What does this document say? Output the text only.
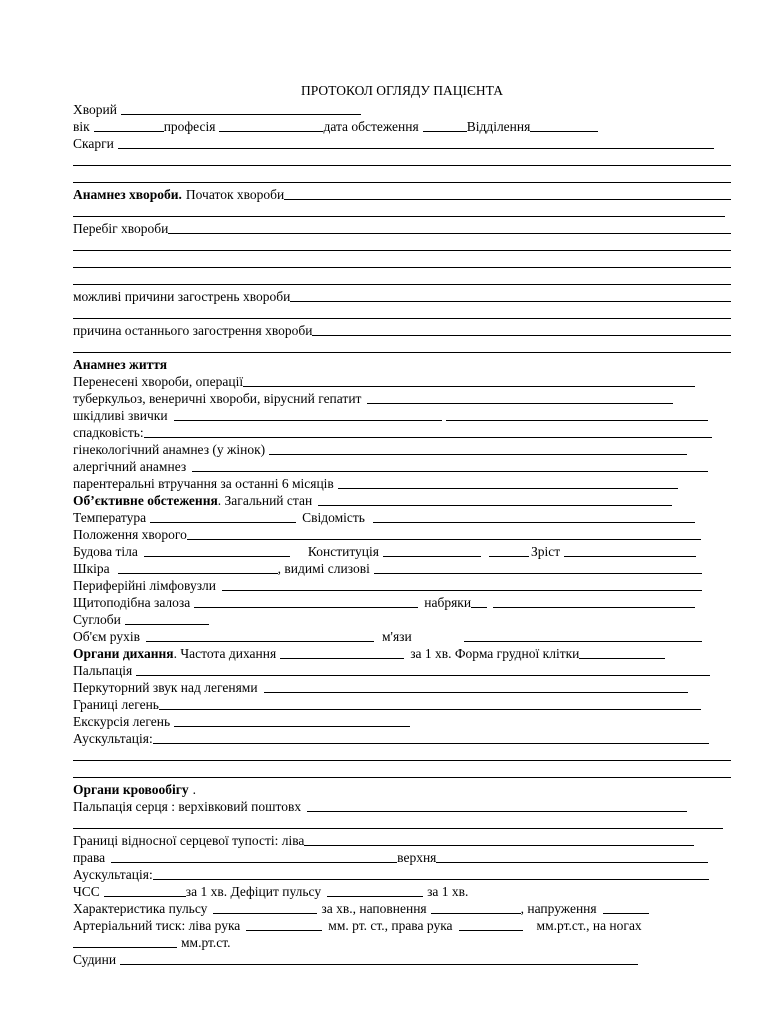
ПРОТОКОЛ ОГЛЯДУ ПАЦІЄНТА
Хворий
вік	професія	дата обстеження	Відділення
Скарги
Анамнез хвороби. Початок хвороби
Перебіг хвороби
можливі причини загострень хвороби
причина останнього загострення хвороби
Анамнез життя
Перенесені хвороби, операції
туберкульоз, венеричні хвороби, вірусний гепатит
шкідливі звички
спадковість:
гінекологічний анамнез (у жінок)
алергічний анамнез
парентеральні втручання за останні 6 місяців
Об’єктивне обстеження . Загальний стан
Температура	Свідомість
Положення хворого
Будова тіла	Конституція	Зріст
Шкіра	, видимі слизові
Периферійні лімфовузли
Щитоподібна залоза	набряки
Суглоби
Об'єм рухів	м'язи
Органи дихання . Частота дихання	за 1 хв. Форма грудної клітки
Пальпація
Перкуторний звук над легенями
Границі легень
Екскурсія легень
Аускультація:
Органи кровообігу .
Пальпація серця : верхівковий поштовх
Границі відносної серцевої тупості: ліва
права	верхня
Аускультація:
ЧСС	за 1 хв. Дефіцит пульсу	за 1 хв.
Характеристика пульсу	за хв., наповнення	, напруження
Артеріальний тиск: ліва рука	мм. рт. ст., права рука	мм.рт.ст., на ногах
мм.рт.ст.
Судини
